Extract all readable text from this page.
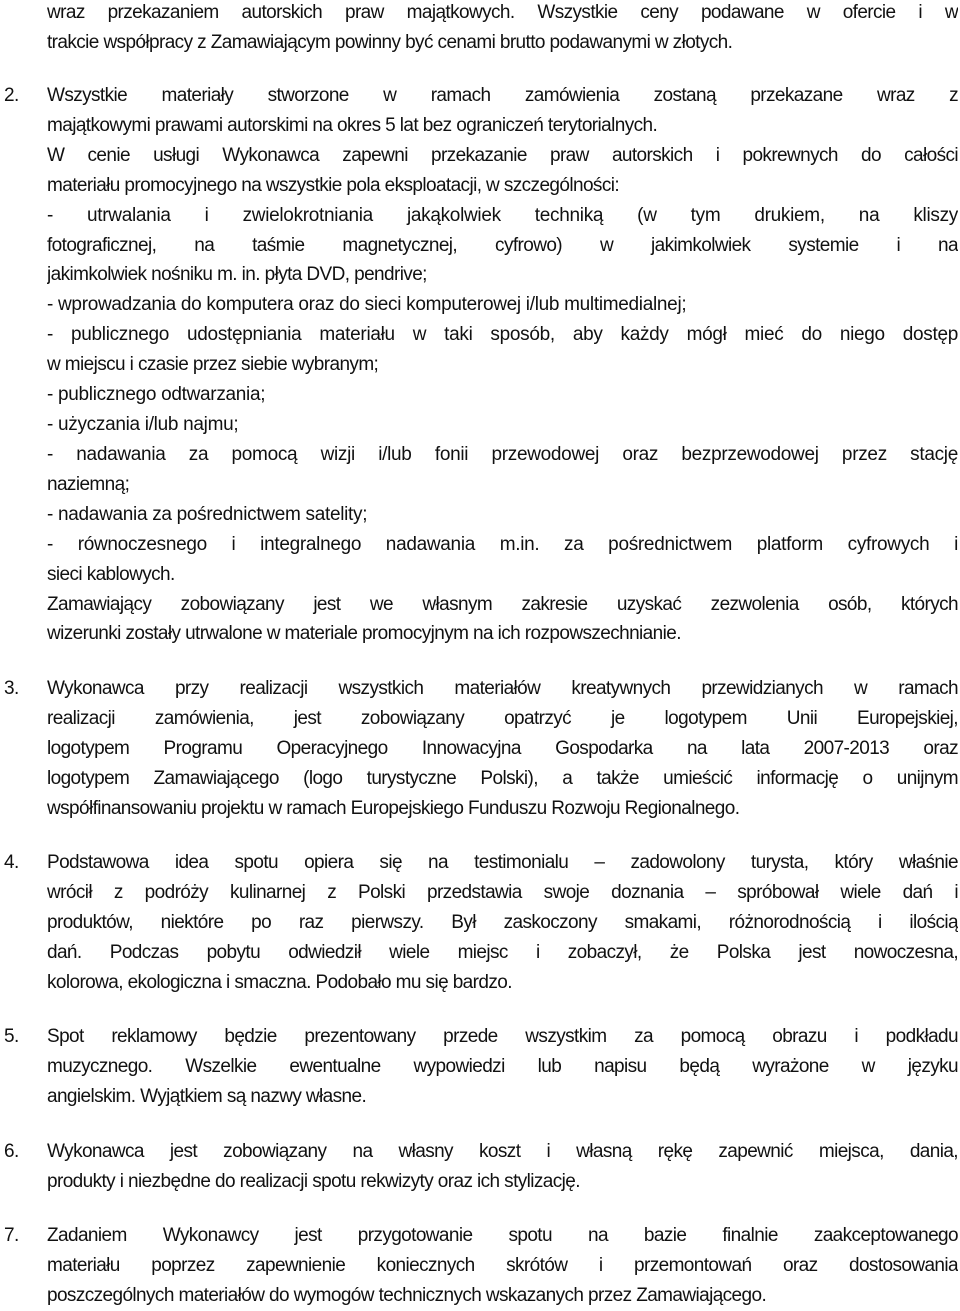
wraz przekazaniem autorskich praw majątkowych. Wszystkie ceny podawane w ofercie i w
trakcie współpracy z Zamawiającym powinny być cenami brutto podawanymi w złotych.
2.	Wszystkie materiały stworzone w ramach zamówienia zostaną przekazane wraz z
majątkowymi prawami autorskimi na okres 5 lat bez ograniczeń terytorialnych.
W cenie usługi Wykonawca zapewni przekazanie praw autorskich i pokrewnych do całości
materiału promocyjnego na wszystkie pola eksploatacji, w szczególności:
- utrwalania i zwielokrotniania jakąkolwiek techniką (w tym drukiem, na kliszy
fotograficznej, na taśmie magnetycznej, cyfrowo) w jakimkolwiek systemie i na
jakimkolwiek nośniku m. in. płyta DVD, pendrive;
- wprowadzania do komputera oraz do sieci komputerowej i/lub multimedialnej;
- publicznego udostępniania materiału w taki sposób, aby każdy mógł mieć do niego dostęp
w miejscu i czasie przez siebie wybranym;
- publicznego odtwarzania;
- użyczania i/lub najmu;
- nadawania za pomocą wizji i/lub fonii przewodowej oraz bezprzewodowej przez stację
naziemną;
- nadawania za pośrednictwem satelity;
- równoczesnego i integralnego nadawania m.in. za pośrednictwem platform cyfrowych i
sieci kablowych.
Zamawiający zobowiązany jest we własnym zakresie uzyskać zezwolenia osób, których
wizerunki zostały utrwalone w materiale promocyjnym na ich rozpowszechnianie.
3.	Wykonawca przy realizacji wszystkich materiałów kreatywnych przewidzianych w ramach
realizacji zamówienia, jest zobowiązany opatrzyć je logotypem Unii Europejskiej,
logotypem Programu Operacyjnego Innowacyjna Gospodarka na lata 2007-2013 oraz
logotypem Zamawiającego (logo turystyczne Polski), a także umieścić informację o unijnym
współfinansowaniu projektu w ramach Europejskiego Funduszu Rozwoju Regionalnego.
4.	Podstawowa idea spotu opiera się na testimonialu – zadowolony turysta, który właśnie
wrócił z podróży kulinarnej z Polski przedstawia swoje doznania – spróbował wiele dań i
produktów, niektóre po raz pierwszy. Był zaskoczony smakami, różnorodnością i ilością
dań. Podczas pobytu odwiedził wiele miejsc i zobaczył, że Polska jest nowoczesna,
kolorowa, ekologiczna i smaczna. Podobało mu się bardzo.
5.	Spot reklamowy będzie prezentowany przede wszystkim za pomocą obrazu i podkładu
muzycznego. Wszelkie ewentualne wypowiedzi lub napisu będą wyrażone w języku
angielskim. Wyjątkiem są nazwy własne.
6.	Wykonawca jest zobowiązany na własny koszt i własną rękę zapewnić miejsca, dania,
produkty i niezbędne do realizacji spotu rekwizyty oraz ich stylizację.
7.	Zadaniem Wykonawcy jest przygotowanie spotu na bazie finalnie zaakceptowanego
materiału poprzez zapewnienie koniecznych skrótów i przemontowań oraz dostosowania
poszczególnych materiałów do wymogów technicznych wskazanych przez Zamawiającego.
